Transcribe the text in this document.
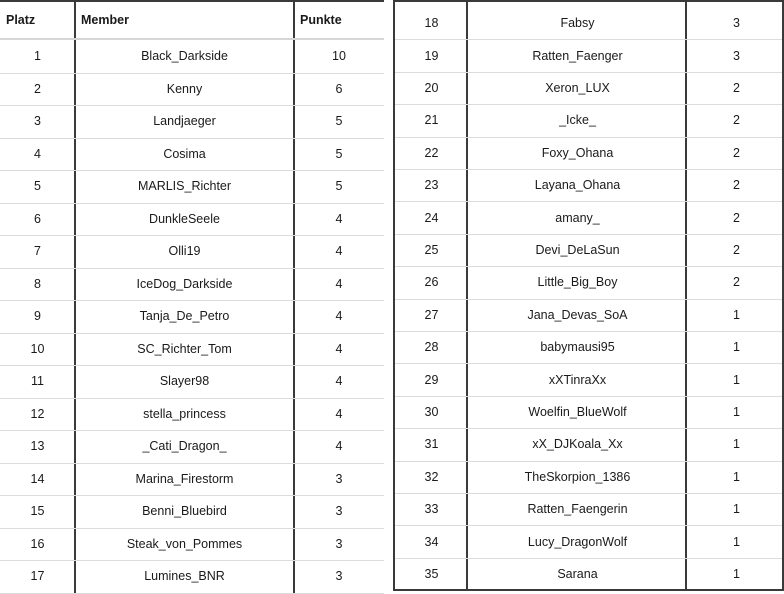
Platz	Member	Punkte
1	Black_Darkside	10
2	Kenny	6
3	Landjaeger	5
4	Cosima	5
5	MARLIS_Richter	5
6	DunkleSeele	4
7	Olli19	4
8	IceDog_Darkside	4
9	Tanja_De_Petro	4
10	SC_Richter_Tom	4
11	Slayer98	4
12	stella_princess	4
13	_Cati_Dragon_	4
14	Marina_Firestorm	3
15	Benni_Bluebird	3
16	Steak_von_Pommes	3
17	Lumines_BNR	3
18	Fabsy	3
19	Ratten_Faenger	3
20	Xeron_LUX	2
21	_Icke_	2
22	Foxy_Ohana	2
23	Layana_Ohana	2
24	amany_	2
25	Devi_DeLaSun	2
26	Little_Big_Boy	2
27	Jana_Devas_SoA	1
28	babymausi95	1
29	xXTinraXx	1
30	Woelfin_BlueWolf	1
31	xX_DJKoala_Xx	1
32	TheSkorpion_1386	1
33	Ratten_Faengerin	1
34	Lucy_DragonWolf	1
35	Sarana	1
